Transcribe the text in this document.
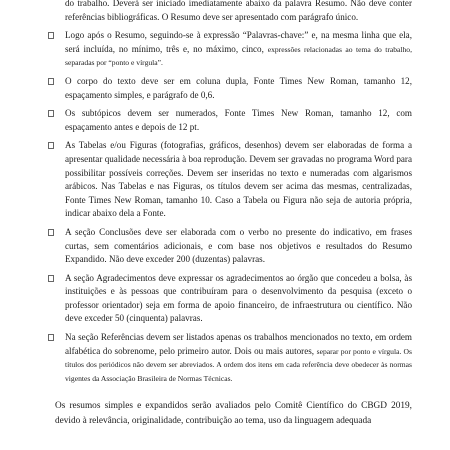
do trabalho. Deverá ser iniciado imediatamente abaixo da palavra Resumo. Não deve conter referências bibliográficas. O Resumo deve ser apresentado com parágrafo único.
Logo após o Resumo, seguindo-se à expressão “Palavras-chave:” e, na mesma linha que ela, será incluída, no mínimo, três e, no máximo, cinco, expressões relacionadas ao tema do trabalho, separadas por “ponto e vírgula”.
O corpo do texto deve ser em coluna dupla, Fonte Times New Roman, tamanho 12, espaçamento simples, e parágrafo de 0,6.
Os subtópicos devem ser numerados, Fonte Times New Roman, tamanho 12, com espaçamento antes e depois de 12 pt.
As Tabelas e/ou Figuras (fotografias, gráficos, desenhos) devem ser elaboradas de forma a apresentar qualidade necessária à boa reprodução. Devem ser gravadas no programa Word para possibilitar possíveis correções. Devem ser inseridas no texto e numeradas com algarismos arábicos. Nas Tabelas e nas Figuras, os títulos devem ser acima das mesmas, centralizadas, Fonte Times New Roman, tamanho 10. Caso a Tabela ou Figura não seja de autoria própria, indicar abaixo dela a Fonte.
A seção Conclusões deve ser elaborada com o verbo no presente do indicativo, em frases curtas, sem comentários adicionais, e com base nos objetivos e resultados do Resumo Expandido. Não deve exceder 200 (duzentas) palavras.
A seção Agradecimentos deve expressar os agradecimentos ao órgão que concedeu a bolsa, às instituições e às pessoas que contribuíram para o desenvolvimento da pesquisa (exceto o professor orientador) seja em forma de apoio financeiro, de infraestrutura ou científico. Não deve exceder 50 (cinquenta) palavras.
Na seção Referências devem ser listados apenas os trabalhos mencionados no texto, em ordem alfabética do sobrenome, pelo primeiro autor. Dois ou mais autores, separar por ponto e vírgula. Os títulos dos periódicos não devem ser abreviados. A ordem dos itens em cada referência deve obedecer às normas vigentes da Associação Brasileira de Normas Técnicas.
Os resumos simples e expandidos serão avaliados pelo Comitê Científico do CBGD 2019, devido à relevância, originalidade, contribuição ao tema, uso da linguagem adequada
